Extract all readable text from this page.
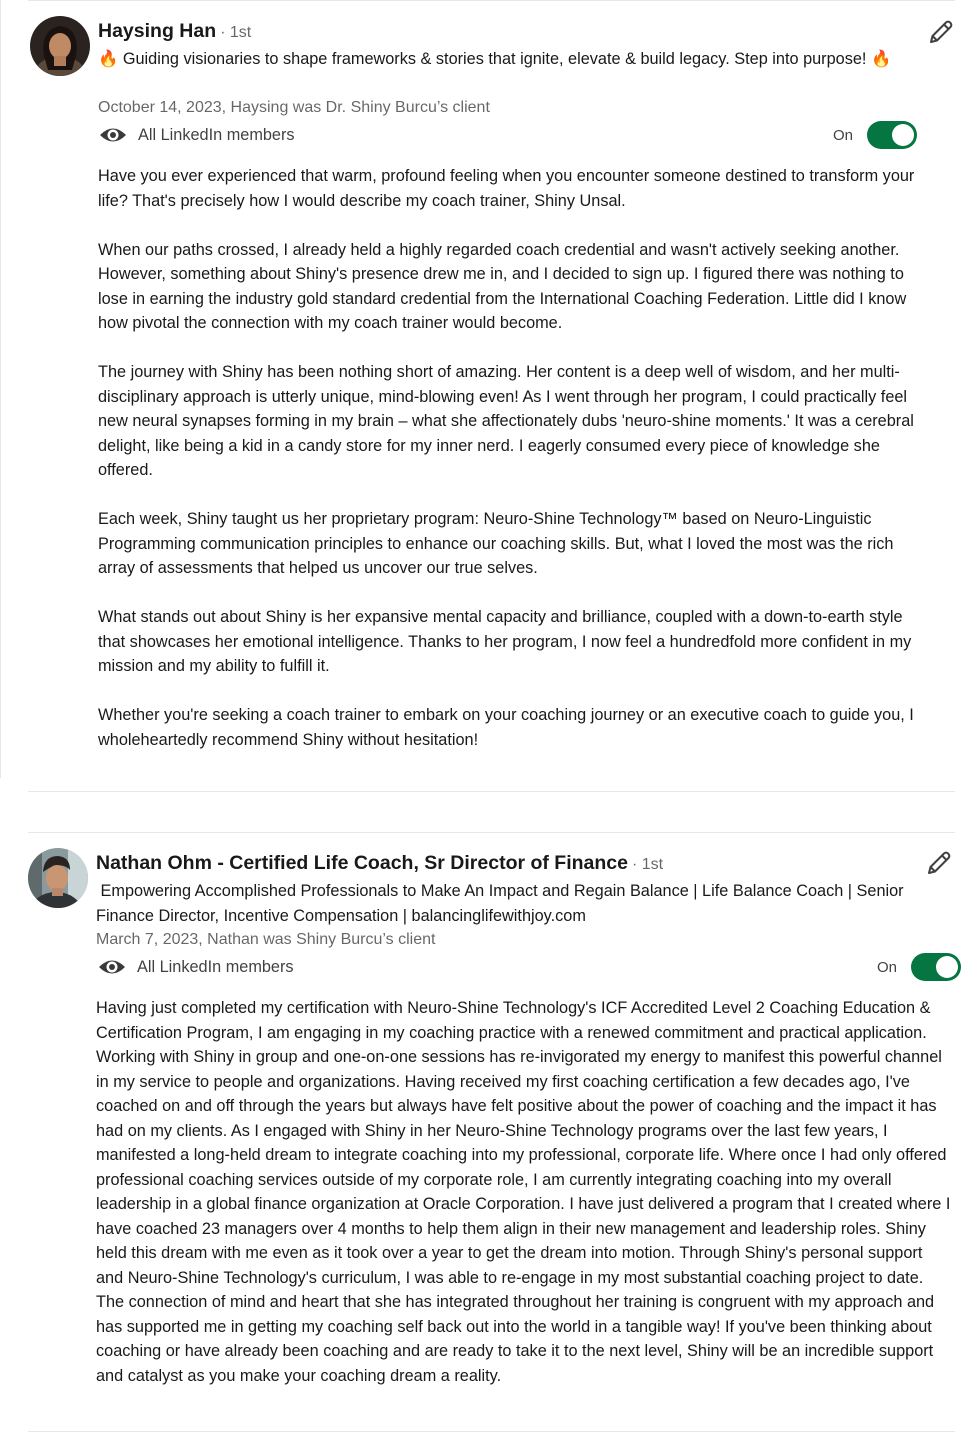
Haysing Han · 1st
🔥 Guiding visionaries to shape frameworks & stories that ignite, elevate & build legacy. Step into purpose! 🔥
October 14, 2023, Haysing was Dr. Shiny Burcu’s client
All LinkedIn members	On

Have you ever experienced that warm, profound feeling when you encounter someone destined to transform your life? That's precisely how I would describe my coach trainer, Shiny Unsal.

When our paths crossed, I already held a highly regarded coach credential and wasn't actively seeking another. However, something about Shiny's presence drew me in, and I decided to sign up. I figured there was nothing to lose in earning the industry gold standard credential from the International Coaching Federation. Little did I know how pivotal the connection with my coach trainer would become.

The journey with Shiny has been nothing short of amazing. Her content is a deep well of wisdom, and her multi-disciplinary approach is utterly unique, mind-blowing even! As I went through her program, I could practically feel new neural synapses forming in my brain – what she affectionately dubs 'neuro-shine moments.' It was a cerebral delight, like being a kid in a candy store for my inner nerd. I eagerly consumed every piece of knowledge she offered.

Each week, Shiny taught us her proprietary program: Neuro-Shine Technology™ based on Neuro-Linguistic Programming communication principles to enhance our coaching skills. But, what I loved the most was the rich array of assessments that helped us uncover our true selves.

What stands out about Shiny is her expansive mental capacity and brilliance, coupled with a down-to-earth style that showcases her emotional intelligence. Thanks to her program, I now feel a hundredfold more confident in my mission and my ability to fulfill it.

Whether you're seeking a coach trainer to embark on your coaching journey or an executive coach to guide you, I wholeheartedly recommend Shiny without hesitation!

Nathan Ohm - Certified Life Coach, Sr Director of Finance · 1st
Empowering Accomplished Professionals to Make An Impact and Regain Balance | Life Balance Coach | Senior Finance Director, Incentive Compensation | balancinglifewithjoy.com
March 7, 2023, Nathan was Shiny Burcu’s client
All LinkedIn members	On

Having just completed my certification with Neuro-Shine Technology's ICF Accredited Level 2 Coaching Education & Certification Program, I am engaging in my coaching practice with a renewed commitment and practical application. Working with Shiny in group and one-on-one sessions has re-invigorated my energy to manifest this powerful channel in my service to people and organizations. Having received my first coaching certification a few decades ago, I've coached on and off through the years but always have felt positive about the power of coaching and the impact it has had on my clients. As I engaged with Shiny in her Neuro-Shine Technology programs over the last few years, I manifested a long-held dream to integrate coaching into my professional, corporate life. Where once I had only offered professional coaching services outside of my corporate role, I am currently integrating coaching into my overall leadership in a global finance organization at Oracle Corporation. I have just delivered a program that I created where I have coached 23 managers over 4 months to help them align in their new management and leadership roles. Shiny held this dream with me even as it took over a year to get the dream into motion. Through Shiny's personal support and Neuro-Shine Technology's curriculum, I was able to re-engage in my most substantial coaching project to date. The connection of mind and heart that she has integrated throughout her training is congruent with my approach and has supported me in getting my coaching self back out into the world in a tangible way! If you've been thinking about coaching or have already been coaching and are ready to take it to the next level, Shiny will be an incredible support and catalyst as you make your coaching dream a reality.
